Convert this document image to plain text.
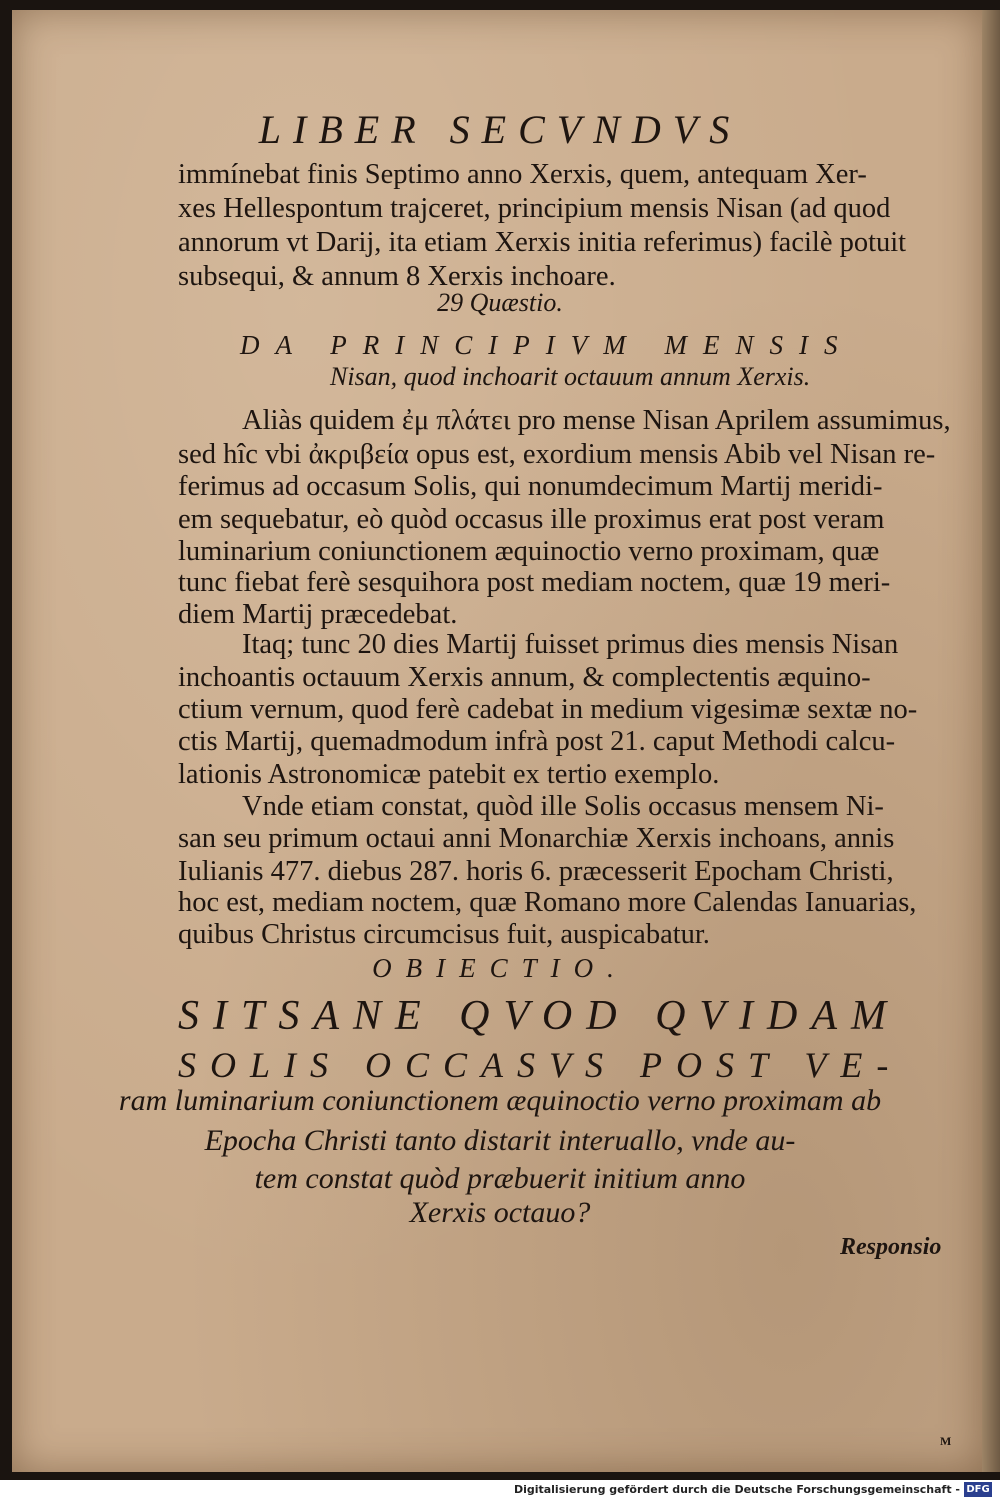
LIBER SECVNDVS
immínebat finis Septimo anno Xerxis, quem, antequam Xer-
xes Hellespontum trajceret, principium mensis Nisan (ad quod
annorum vt Darij, ita etiam Xerxis initia referimus) facilè potuit
subsequi, & annum 8 Xerxis inchoare.
29 Quæstio.
DA PRINCIPIVM MENSIS
Nisan, quod inchoarit octauum annum Xerxis.
Aliàs quidem ἐμ πλάτει pro mense Nisan Aprilem assumimus,
sed hîc vbi ἀκριβεία opus est, exordium mensis Abib vel Nisan re-
ferimus ad occasum Solis, qui nonumdecimum Martij meridi-
em sequebatur, eò quòd occasus ille proximus erat post veram
luminarium coniunctionem æquinoctio verno proximam, quæ
tunc fiebat ferè sesquihora post mediam noctem, quæ 19 meri-
diem Martij præcedebat.
Itaq; tunc 20 dies Martij fuisset primus dies mensis Nisan
inchoantis octauum Xerxis annum, & complectentis æquino-
ctium vernum, quod ferè cadebat in medium vigesimæ sextæ no-
ctis Martij, quemadmodum infrà post 21. caput Methodi calcu-
lationis Astronomicæ patebit ex tertio exemplo.
Vnde etiam constat, quòd ille Solis occasus mensem Ni-
san seu primum octaui anni Monarchiæ Xerxis inchoans, annis
Iulianis 477. diebus 287. horis 6. præcesserit Epocham Christi,
hoc est, mediam noctem, quæ Romano more Calendas Ianuarias,
quibus Christus circumcisus fuit, auspicabatur.
OBIECTIO.
SITSANE QVOD QVIDAM
SOLIS OCCASVS POST VE-
ram luminarium coniunctionem æquinoctio verno proximam ab
Epocha Christi tanto distarit interuallo, vnde au-
tem constat quòd præbuerit initium anno
Xerxis octauo?
Responsio
M
Digitalisierung gefördert durch die Deutsche Forschungsgemeinschaft - DFG
